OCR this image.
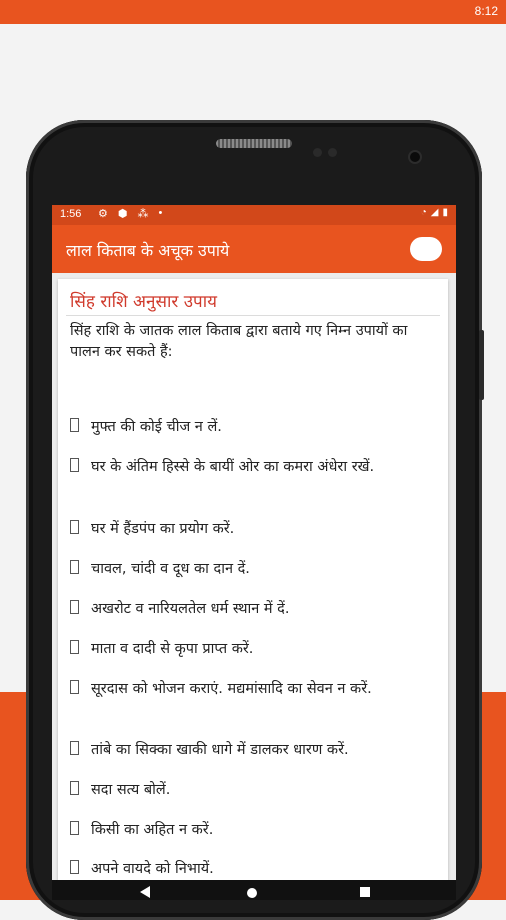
8:12
1:56 ⚙ ⬢ ⁂ •	◔ ◢ ▮
लाल किताब के अचूक उपाये
सिंह राशि अनुसार उपाय
सिंह राशि के जातक लाल किताब द्वारा बताये गए निम्न उपायों का पालन कर सकते हैं:
मुफ्त की कोई चीज न लें.
घर के अंतिम हिस्से के बायीं ओर का कमरा अंधेरा रखें.
घर में हैंडपंप का प्रयोग करें.
चावल, चांदी व दूध का दान दें.
अखरोट व नारियलतेल धर्म स्थान में दें.
माता व दादी से कृपा प्राप्त करें.
सूरदास को भोजन कराएं. मद्यमांसादि का सेवन न करें.
तांबे का सिक्का खाकी धागे में डालकर धारण करें.
सदा सत्य बोलें.
किसी का अहित न करें.
अपने वायदे को निभायें.
